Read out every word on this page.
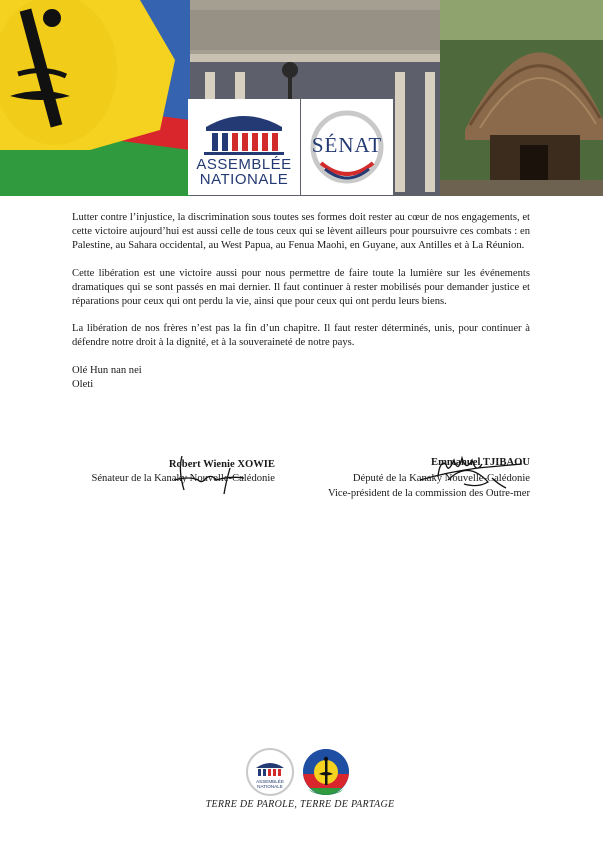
ASSEMBLÉE
NATIONALE
SÉNAT

Lutter contre l’injustice, la discrimination sous toutes ses formes doit rester au cœur de nos engagements, et cette victoire aujourd’hui est aussi celle de tous ceux qui se lèvent ailleurs pour poursuivre ces combats : en Palestine, au Sahara occidental, au West Papua, au Fenua Maohi, en Guyane, aux Antilles et à La Réunion.

Cette libération est une victoire aussi pour nous permettre de faire toute la lumière sur les événements dramatiques qui se sont passés en mai dernier. Il faut continuer à rester mobilisés pour demander justice et réparations pour ceux qui ont perdu la vie, ainsi que pour ceux qui ont perdu leurs biens.

La libération de nos frères n’est pas la fin d’un chapitre. Il faut rester déterminés, unis, pour continuer à défendre notre droit à la dignité, et à la souveraineté de notre pays.

Olé Hun nan nei
Oleti
Robert Wienie XOWIE
Sénateur de la Kanaky Nouvelle-Calédonie
Emmanuel TJIBAOU
Député de la Kanaky Nouvelle-Calédonie
Vice-président de la commission des Outre-mer
ASSEMBLÉE
NATIONALE
TERRE DE PAROLE, TERRE DE PARTAGE
